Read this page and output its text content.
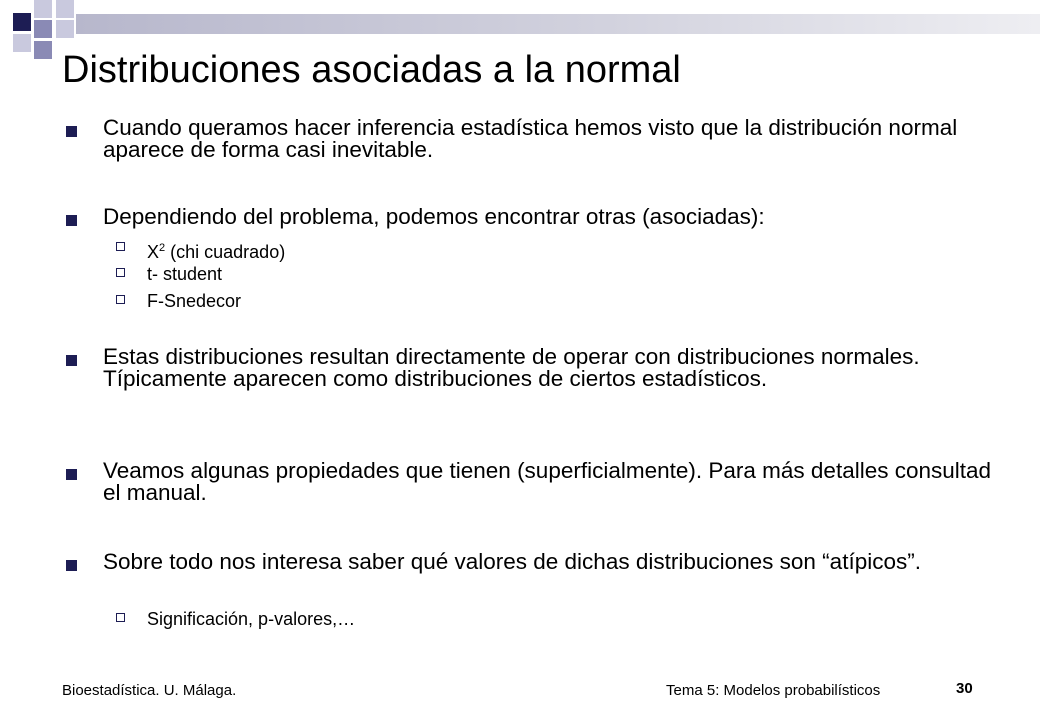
Distribuciones asociadas a la normal
Cuando queramos hacer inferencia estadística hemos visto que la distribución normal aparece de forma casi inevitable.
Dependiendo del problema, podemos encontrar otras (asociadas):
$X^2$ (chi cuadrado)
t- student
F-Snedecor
Estas distribuciones resultan directamente de operar con distribuciones normales. Típicamente aparecen como distribuciones de ciertos estadísticos.
Veamos algunas propiedades que tienen (superficialmente). Para más detalles consultad el manual.
Sobre todo nos interesa saber qué valores de dichas distribuciones son “atípicos”.
Significación, p-valores,…
Bioestadística. U. Málaga.	Tema 5: Modelos probabilísticos	30
